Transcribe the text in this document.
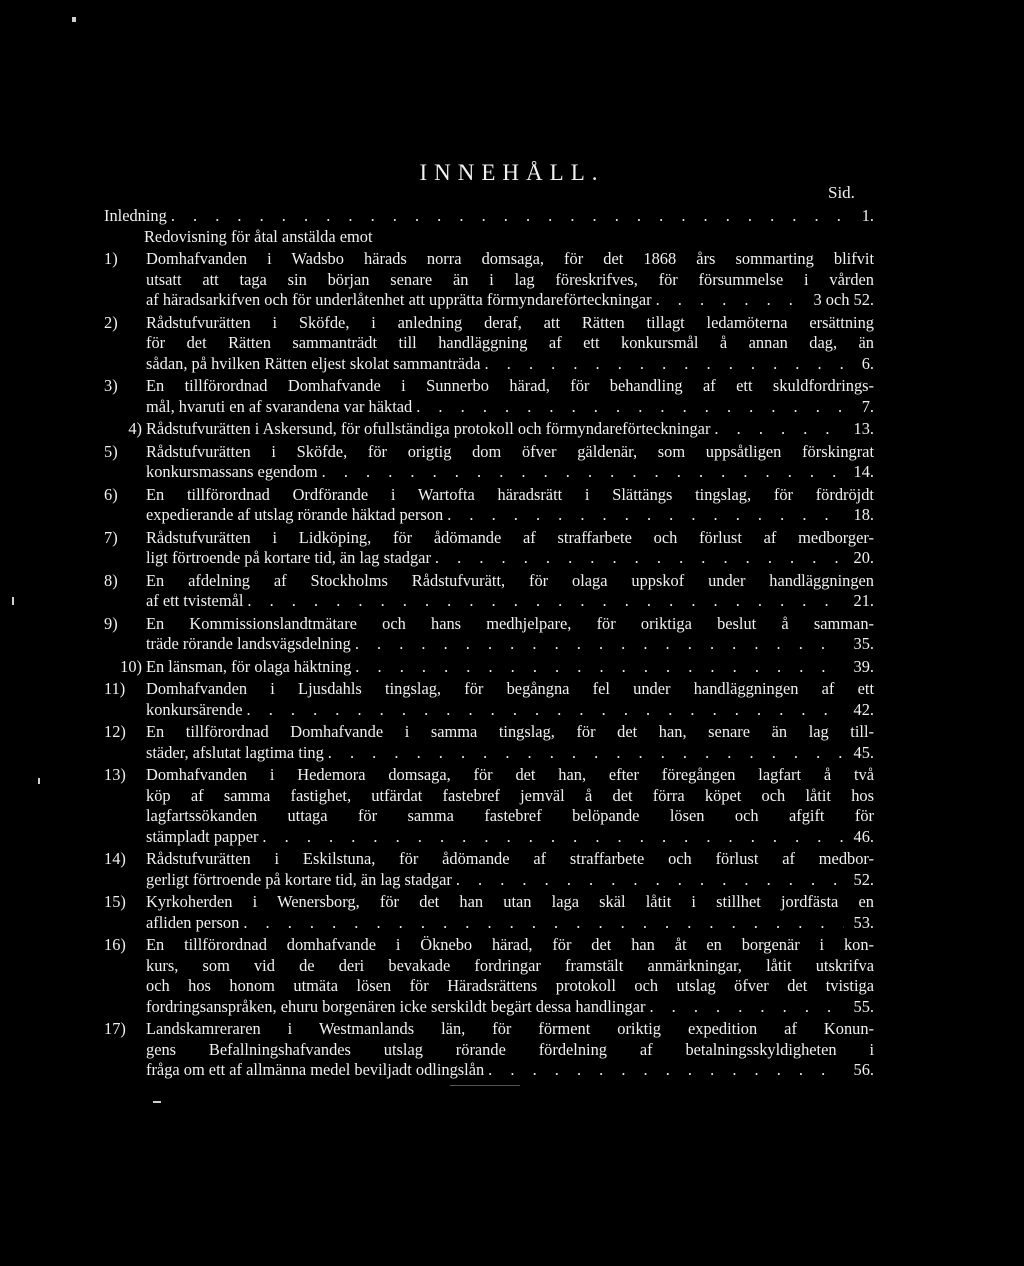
INNEHÅLL.
Sid.
Inledning . . .	1.
Redovisning för åtal anstälda emot
1)	Domhafvanden i Wadsbo härads norra domsaga, för det 1868 års sommarting blifvit
utsatt att taga sin början senare än i lag föreskrifves, för försummelse i vården
af häradsarkifven och för underlåtenhet att upprätta förmyndareförteckningar . . .	3 och 52.
2)	Rådstufvurätten i Sköfde, i anledning deraf, att Rätten tillagt ledamöterna ersättning
för det Rätten sammanträdt till handläggning af ett konkursmål å annan dag, än
sådan, på hvilken Rätten eljest skolat sammanträda . . .	6.
3)	En tillförordnad Domhafvande i Sunnerbo härad, för behandling af ett skuldfordrings-
mål, hvaruti en af svarandena var häktad . . .	7.
4) Rådstufvurätten i Askersund, för ofullständiga protokoll och förmyndareförteckningar . . .	13.
5)	Rådstufvurätten i Sköfde, för origtig dom öfver gäldenär, som uppsåtligen förskingrat
konkursmassans egendom . . .	14.
6)	En tillförordnad Ordförande i Wartofta häradsrätt i Slättängs tingslag, för fördröjdt
expedierande af utslag rörande häktad person . . .	18.
7)	Rådstufvurätten i Lidköping, för ådömande af straffarbete och förlust af medborger-
ligt förtroende på kortare tid, än lag stadgar . . .	20.
8)	En afdelning af Stockholms Rådstufvurätt, för olaga uppskof under handläggningen
af ett tvistemål . . .	21.
9)	En Kommissionslandtmätare och hans medhjelpare, för oriktiga beslut å samman-
träde rörande landsvägsdelning . . .	35.
10) En länsman, för olaga häktning . . .	39.
11)	Domhafvanden i Ljusdahls tingslag, för begångna fel under handläggningen af ett
konkursärende . . .	42.
12)	En tillförordnad Domhafvande i samma tingslag, för det han, senare än lag till-
städer, afslutat lagtima ting . . .	45.
13)	Domhafvanden i Hedemora domsaga, för det han, efter föregången lagfart å två
köp af samma fastighet, utfärdat fastebref jemväl å det förra köpet och låtit hos
lagfartssökanden uttaga för samma fastebref belöpande lösen och afgift för
stämpladt papper . . .	46.
14)	Rådstufvurätten i Eskilstuna, för ådömande af straffarbete och förlust af medbor-
gerligt förtroende på kortare tid, än lag stadgar . . .	52.
15)	Kyrkoherden i Wenersborg, för det han utan laga skäl låtit i stillhet jordfästa en
afliden person . . .	53.
16)	En tillförordnad domhafvande i Öknebo härad, för det han åt en borgenär i kon-
kurs, som vid de deri bevakade fordringar framstält anmärkningar, låtit utskrifva
och hos honom utmäta lösen för Häradsrättens protokoll och utslag öfver det tvistiga
fordringsanspråken, ehuru borgenären icke serskildt begärt dessa handlingar . . .	55.
17)	Landskamreraren i Westmanlands län, för förment oriktig expedition af Konun-
gens Befallningshafvandes utslag rörande fördelning af betalningsskyldigheten i
fråga om ett af allmänna medel beviljadt odlingslån . . .	56.
